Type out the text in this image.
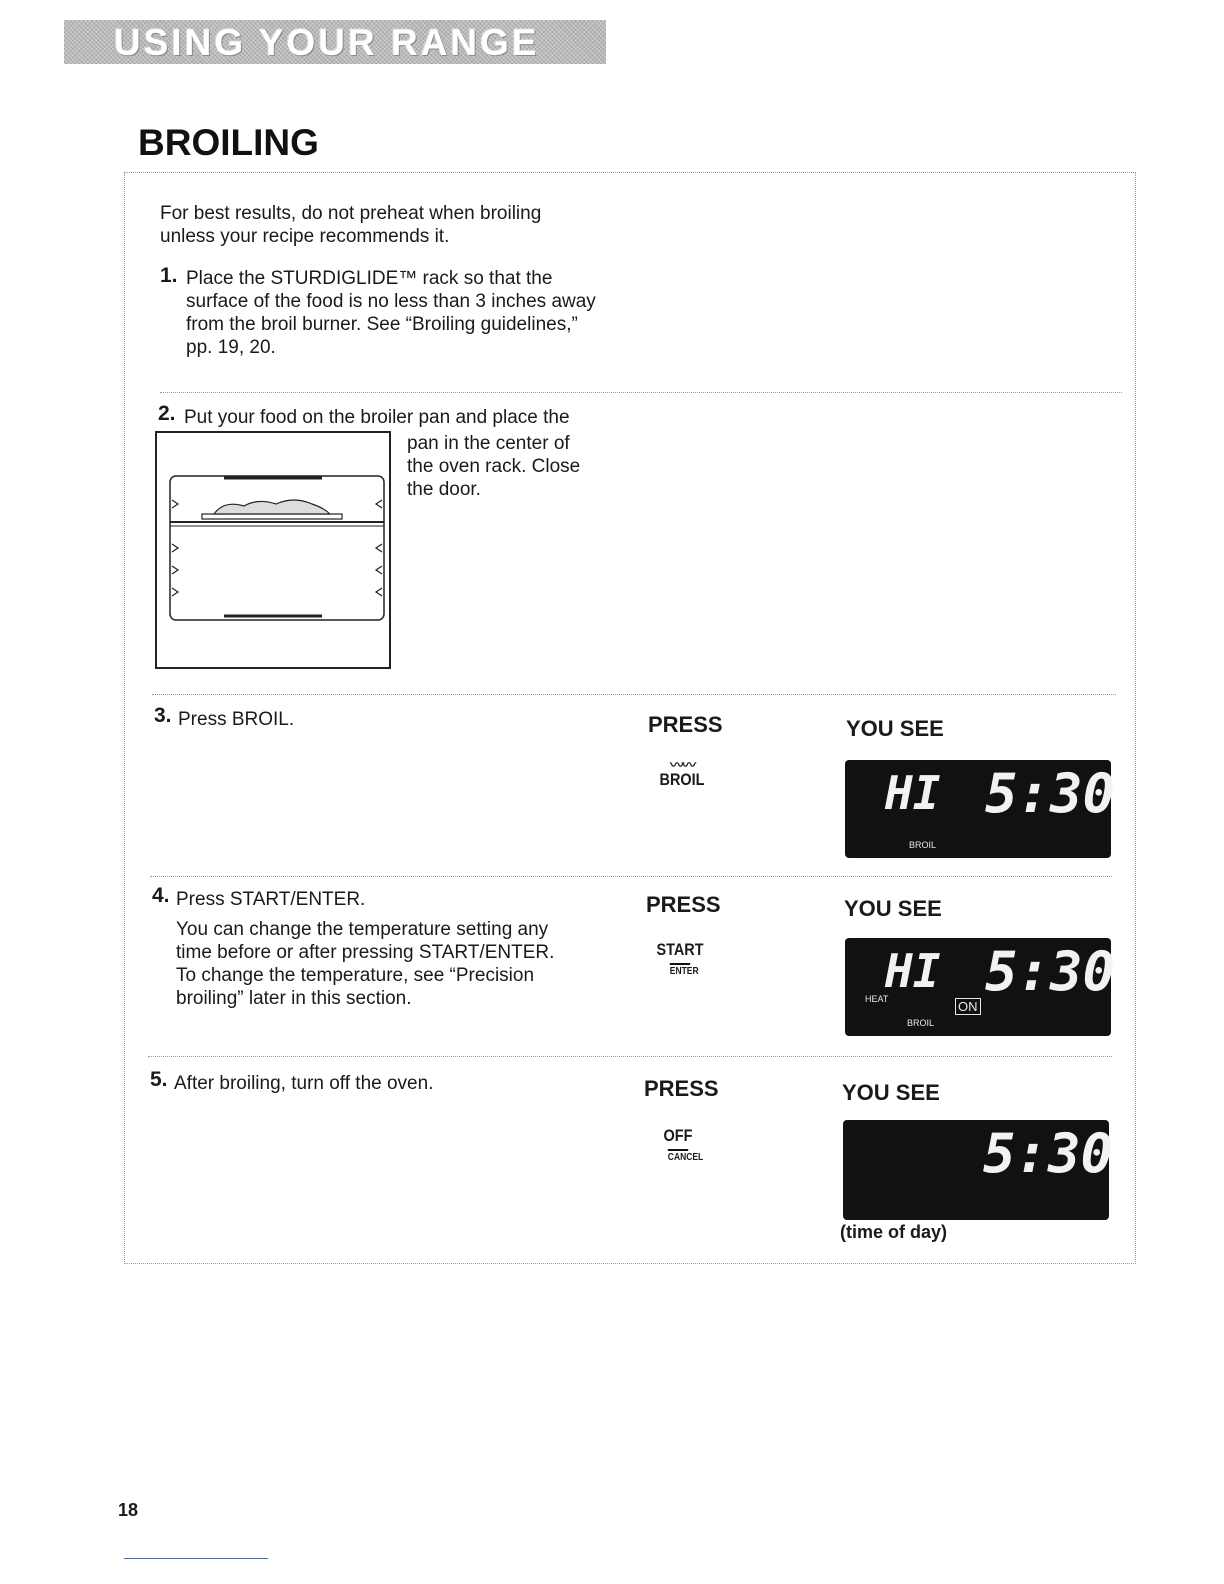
USING YOUR RANGE
BROILING

For best results, do not preheat when broiling

unless your recipe recommends it.

1. Place the STURDIGLIDE™ rack so that the

surface of the food is no less than 3 inches away

from the broil burner. See “Broiling guidelines,”

pp. 19, 20.

2. Put your food on the broiler pan and place the

pan in the center of

the oven rack. Close

the door.

3. Press BROIL.	PRESS	YOU SEE
〰〰
BROIL	HI 5:30
BROIL
4. Press START/ENTER.

You can change the temperature setting any

time before or after pressing START/ENTER.

To change the temperature, see “Precision

broiling” later in this section.

PRESS	YOU SEE
START
ENTER	HI 5:30
HEAT	ON
BROIL
5. After broiling, turn off the oven.	PRESS	YOU SEE
OFF
CANCEL	5:30
(time of day)
18
